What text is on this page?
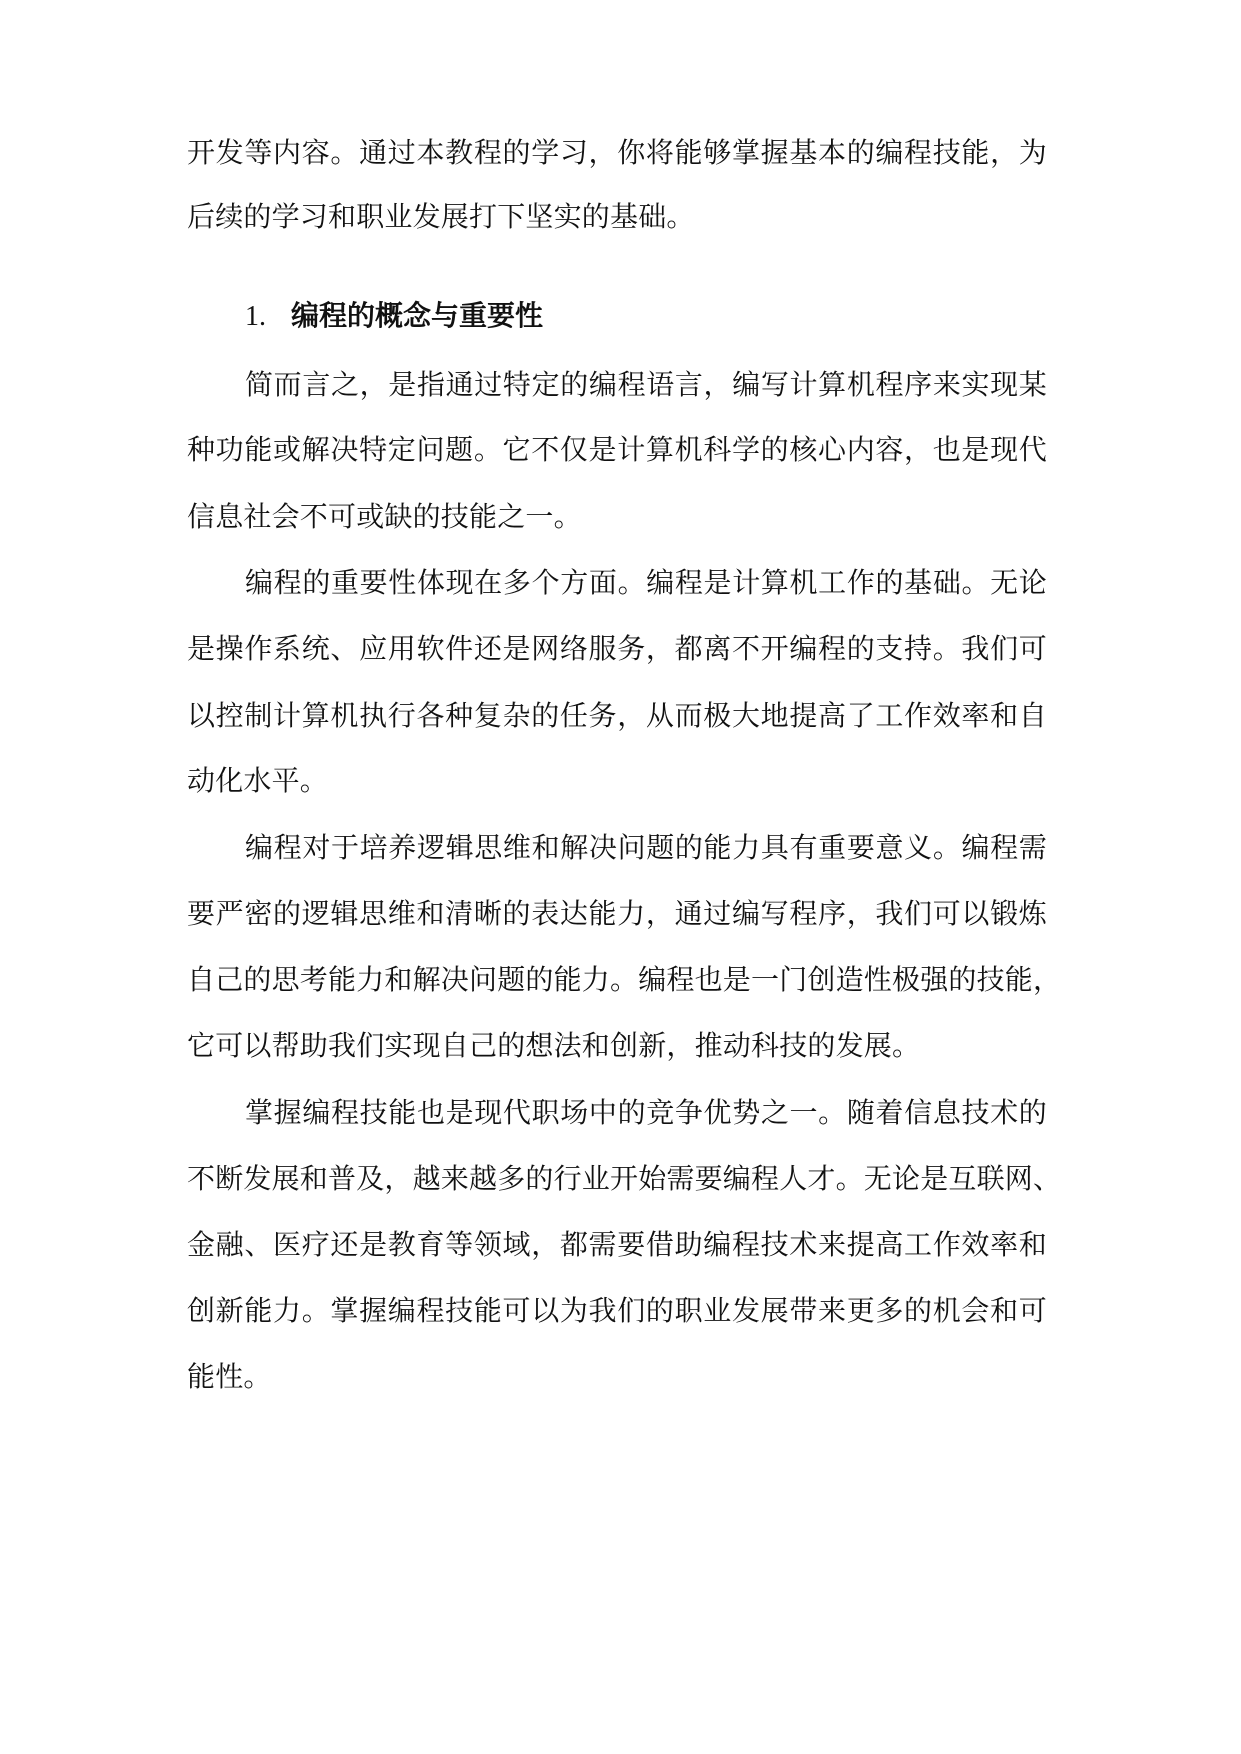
开发等内容。通过本教程的学习，你将能够掌握基本的编程技能，为
后续的学习和职业发展打下坚实的基础。
1. 编程的概念与重要性
简而言之，是指通过特定的编程语言，编写计算机程序来实现某
种功能或解决特定问题。它不仅是计算机科学的核心内容，也是现代
信息社会不可或缺的技能之一。
编程的重要性体现在多个方面。编程是计算机工作的基础。无论
是操作系统、应用软件还是网络服务，都离不开编程的支持。我们可
以控制计算机执行各种复杂的任务，从而极大地提高了工作效率和自
动化水平。
编程对于培养逻辑思维和解决问题的能力具有重要意义。编程需
要严密的逻辑思维和清晰的表达能力，通过编写程序，我们可以锻炼
自己的思考能力和解决问题的能力。编程也是一门创造性极强的技能，
它可以帮助我们实现自己的想法和创新，推动科技的发展。
掌握编程技能也是现代职场中的竞争优势之一。随着信息技术的
不断发展和普及，越来越多的行业开始需要编程人才。无论是互联网、
金融、医疗还是教育等领域，都需要借助编程技术来提高工作效率和
创新能力。掌握编程技能可以为我们的职业发展带来更多的机会和可
能性。
